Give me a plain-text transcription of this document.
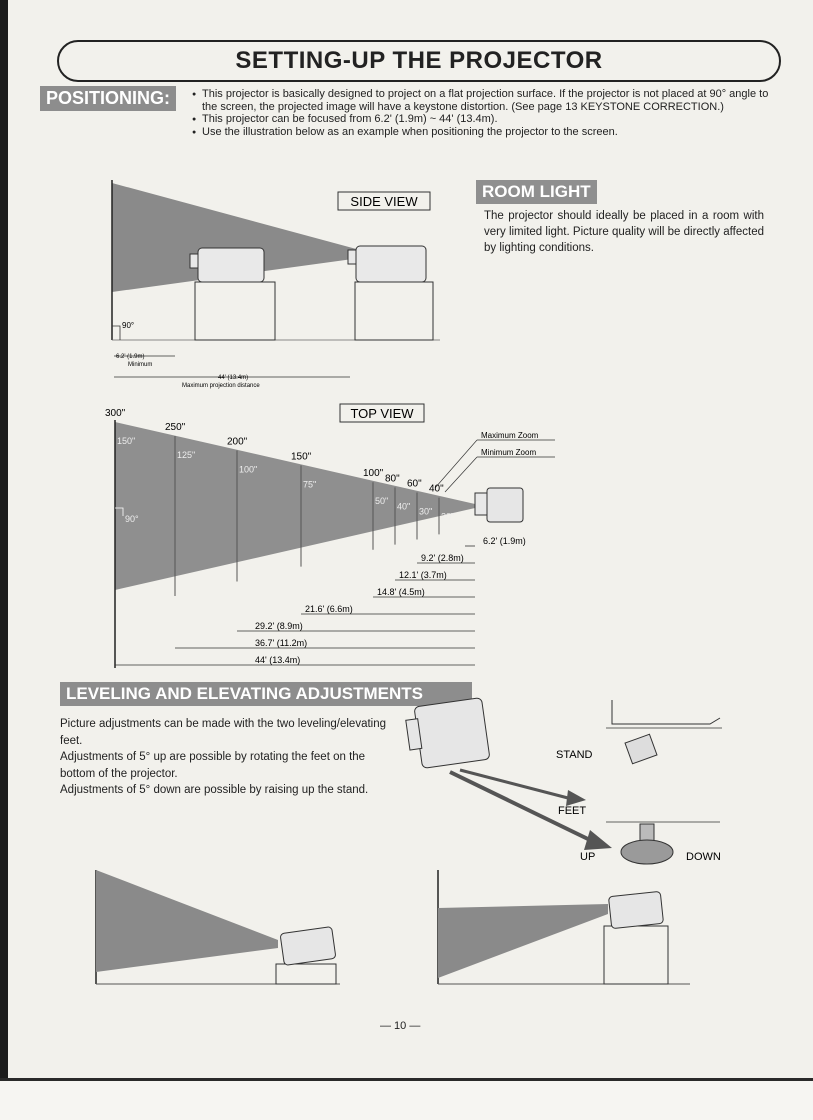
SETTING-UP THE PROJECTOR
POSITIONING:
●	This projector is basically designed to project on a flat projection surface. If the projector is not placed at 90° angle to the screen, the projected image will have a keystone distortion. (See page 13 KEYSTONE CORRECTION.)
● This projector can be focused from 6.2' (1.9m) ~ 44' (13.4m).
● Use the illustration below as an example when positioning the projector to the screen.
ROOM LIGHT
The projector should ideally be placed in a room with very limited light. Picture quality will be directly affected by lighting conditions.
SIDE VIEW
90°
6.2' (1.9m)
Minimum
44' (13.4m)
Maximum projection distance
TOP VIEW
Maximum Zoom
Minimum Zoom
90°
300"
250"
200"
150"
100" 80" 60" 40"
150"
125"
100"
75"
50"
40"
30"
20"
6.2' (1.9m)
9.2' (2.8m)
12.1' (3.7m)
14.8' (4.5m)
21.6' (6.6m)
29.2' (8.9m)
36.7' (11.2m)
44' (13.4m)
LEVELING AND ELEVATING ADJUSTMENTS
Picture adjustments can be made with the two leveling/elevating feet.
Adjustments of 5° up are possible by rotating the feet on the bottom of the projector.
Adjustments of 5° down are possible by raising up the stand.
STAND
FEET
UP	DOWN
— 10 —
